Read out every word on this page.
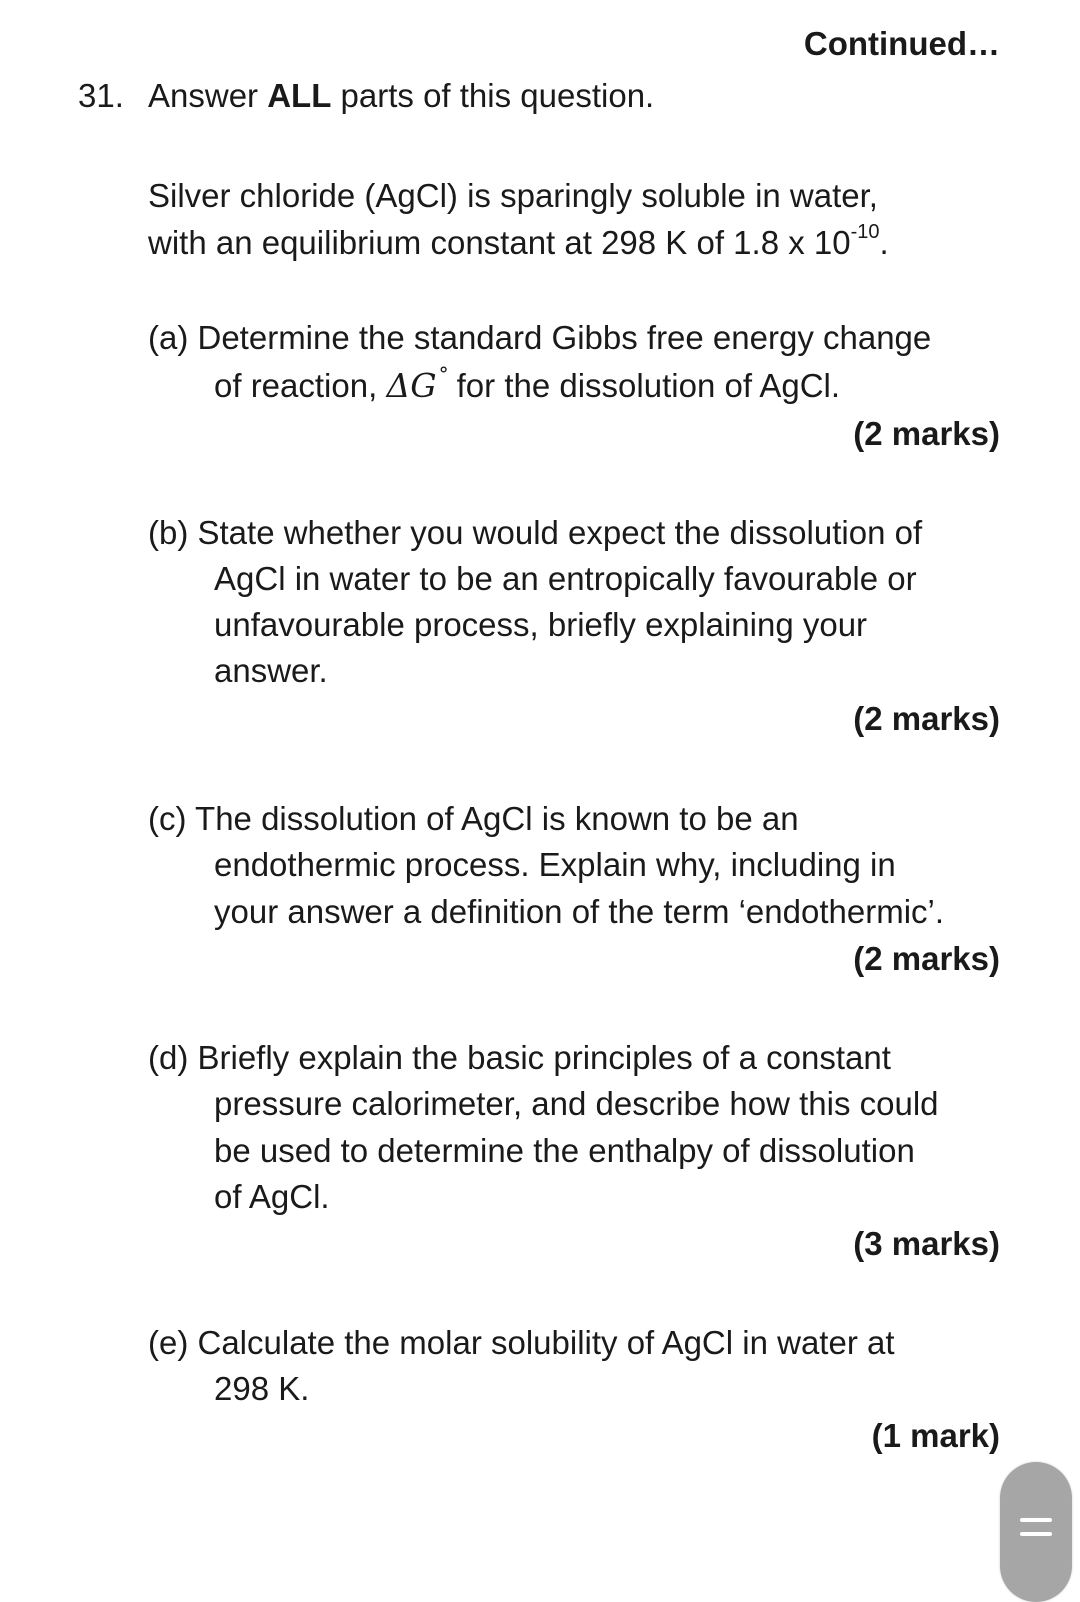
Continued…
31. Answer ALL parts of this question.
Silver chloride (AgCl) is sparingly soluble in water,
with an equilibrium constant at 298 K of 1.8 x $10^{-10}$.
(a) Determine the standard Gibbs free energy change
of reaction, ΔG ° for the dissolution of AgCl.
(2 marks)
(b) State whether you would expect the dissolution of
AgCl in water to be an entropically favourable or
unfavourable process, briefly explaining your
answer.
(2 marks)
(c) The dissolution of AgCl is known to be an
endothermic process. Explain why, including in
your answer a definition of the term ‘endothermic’.
(2 marks)
(d) Briefly explain the basic principles of a constant
pressure calorimeter, and describe how this could
be used to determine the enthalpy of dissolution
of AgCl.
(3 marks)
(e) Calculate the molar solubility of AgCl in water at
298 K.
(1 mark)
